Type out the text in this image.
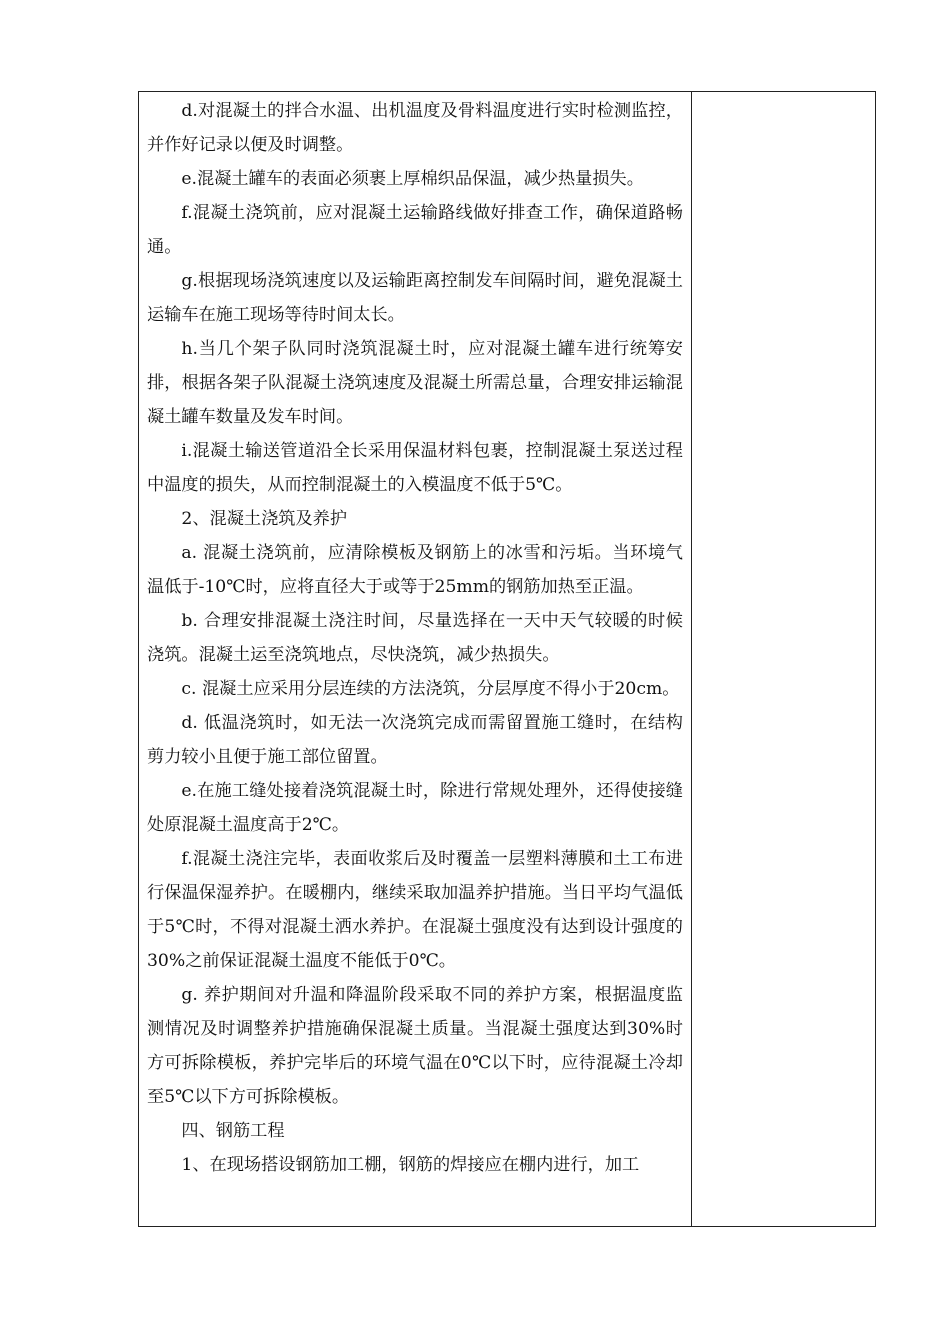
d.对混凝土的拌合水温、出机温度及骨料温度进行实时检测监控，并作好记录以便及时调整。

e.混凝土罐车的表面必须裹上厚棉织品保温，减少热量损失。

f.混凝土浇筑前，应对混凝土运输路线做好排查工作，确保道路畅通。

g.根据现场浇筑速度以及运输距离控制发车间隔时间，避免混凝土运输车在施工现场等待时间太长。

h.当几个架子队同时浇筑混凝土时，应对混凝土罐车进行统筹安排，根据各架子队混凝土浇筑速度及混凝土所需总量，合理安排运输混凝土罐车数量及发车时间。

i.混凝土输送管道沿全长采用保温材料包裹，控制混凝土泵送过程中温度的损失，从而控制混凝土的入模温度不低于5℃。

2、混凝土浇筑及养护

a. 混凝土浇筑前，应清除模板及钢筋上的冰雪和污垢。当环境气温低于-10℃时，应将直径大于或等于25mm的钢筋加热至正温。

b. 合理安排混凝土浇注时间，尽量选择在一天中天气较暖的时候浇筑。混凝土运至浇筑地点，尽快浇筑，减少热损失。

c. 混凝土应采用分层连续的方法浇筑，分层厚度不得小于20cm。

d. 低温浇筑时，如无法一次浇筑完成而需留置施工缝时，在结构剪力较小且便于施工部位留置。

e.在施工缝处接着浇筑混凝土时，除进行常规处理外，还得使接缝处原混凝土温度高于2℃。

f.混凝土浇注完毕，表面收浆后及时覆盖一层塑料薄膜和土工布进行保温保湿养护。在暖棚内，继续采取加温养护措施。当日平均气温低于5℃时，不得对混凝土洒水养护。在混凝土强度没有达到设计强度的30%之前保证混凝土温度不能低于0℃。

g. 养护期间对升温和降温阶段采取不同的养护方案，根据温度监测情况及时调整养护措施确保混凝土质量。当混凝土强度达到30%时方可拆除模板，养护完毕后的环境气温在0℃以下时，应待混凝土冷却至5℃以下方可拆除模板。

四、钢筋工程

1、在现场搭设钢筋加工棚，钢筋的焊接应在棚内进行，加工
